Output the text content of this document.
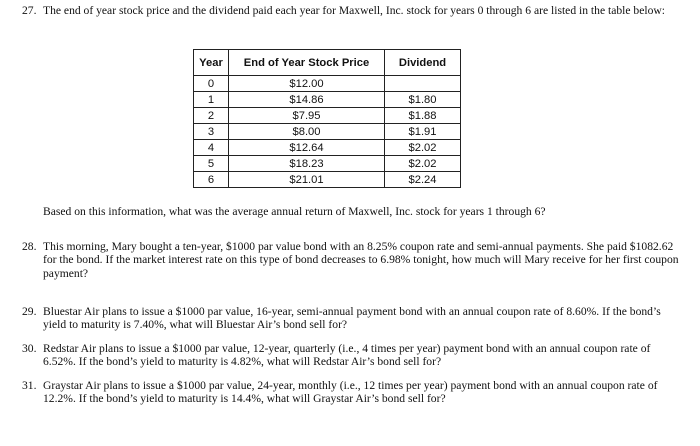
27. The end of year stock price and the dividend paid each year for Maxwell, Inc. stock for years 0 through 6 are listed in the table below:
Year	End of Year Stock Price	Dividend
0	$12.00	
1	$14.86	$1.80
2	$7.95	$1.88
3	$8.00	$1.91
4	$12.64	$2.02
5	$18.23	$2.02
6	$21.01	$2.24
Based on this information, what was the average annual return of Maxwell, Inc. stock for years 1 through 6?
28. This morning, Mary bought a ten-year, $1000 par value bond with an 8.25% coupon rate and semi-annual payments. She paid $1082.62 for the bond. If the market interest rate on this type of bond decreases to 6.98% tonight, how much will Mary receive for her first coupon payment?
29. Bluestar Air plans to issue a $1000 par value, 16-year, semi-annual payment bond with an annual coupon rate of 8.60%. If the bond’s yield to maturity is 7.40%, what will Bluestar Air’s bond sell for?
30. Redstar Air plans to issue a $1000 par value, 12-year, quarterly (i.e., 4 times per year) payment bond with an annual coupon rate of 6.52%. If the bond’s yield to maturity is 4.82%, what will Redstar Air’s bond sell for?
31. Graystar Air plans to issue a $1000 par value, 24-year, monthly (i.e., 12 times per year) payment bond with an annual coupon rate of 12.2%. If the bond’s yield to maturity is 14.4%, what will Graystar Air’s bond sell for?
